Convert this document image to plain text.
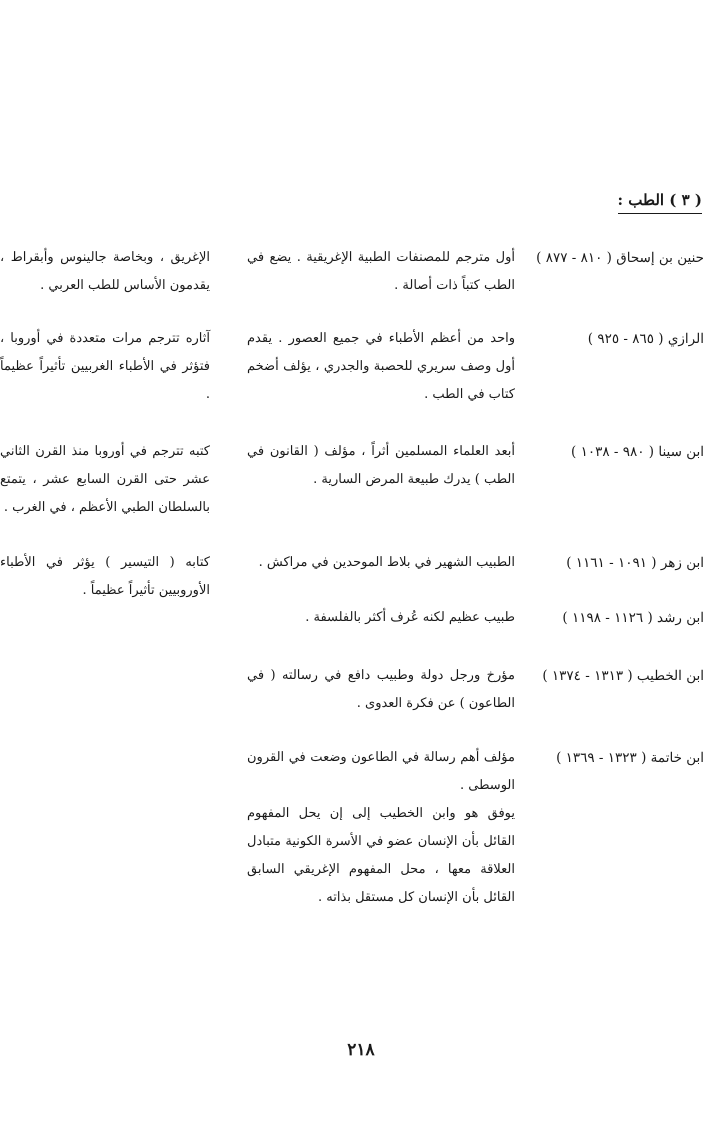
( ٣ ) الطب :
حنين بن إسحاق ( ٨١٠ - ٨٧٧ )

أول مترجم للمصنفات الطبية الإغريقية . يضع في الطب كتباً ذات أصالة .

الإغريق ، وبخاصة جالينوس وأبقراط ، يقدمون الأساس للطب العربي .

الرازي ( ٨٦٥ - ٩٢٥ )

واحد من أعظم الأطباء في جميع العصور . يقدم أول وصف سريري للحصبة والجدري ، يؤلف أضخم كتاب في الطب .

آثاره تترجم مرات متعددة في أوروبا ، فتؤثر في الأطباء الغربيين تأثيراً عظيماً .

ابن سينا ( ٩٨٠ - ١٠٣٨ )

أبعد العلماء المسلمين أثراً ، مؤلف ( القانون في الطب ) يدرك طبيعة المرض السارية .

كتبه تترجم في أوروبا منذ القرن الثاني عشر حتى القرن السابع عشر ، يتمتع بالسلطان الطبي الأعظم ، في الغرب .

ابن زهر ( ١٠٩١ - ١١٦١ )

الطبيب الشهير في بلاط الموحدين في مراكش .

كتابه ( التيسير ) يؤثر في الأطباء الأوروبيين تأثيراً عظيماً .

ابن رشد ( ١١٢٦ - ١١٩٨ )

طبيب عظيم لكنه عُرف أكثر بالفلسفة .

ابن الخطيب ( ١٣١٣ - ١٣٧٤ )

مؤرخ ورجل دولة وطبيب دافع في رسالته ( في الطاعون ) عن فكرة العدوى .

ابن خاتمة ( ١٣٢٣ - ١٣٦٩ )

مؤلف أهم رسالة في الطاعون وضعت في القرون الوسطى .

يوفق هو وابن الخطيب إلى إن يحل المفهوم القائل بأن الإنسان عضو في الأسرة الكونية متبادل العلاقة معها ، محل المفهوم الإغريقي السابق القائل بأن الإنسان كل مستقل بذاته .

٢١٨
